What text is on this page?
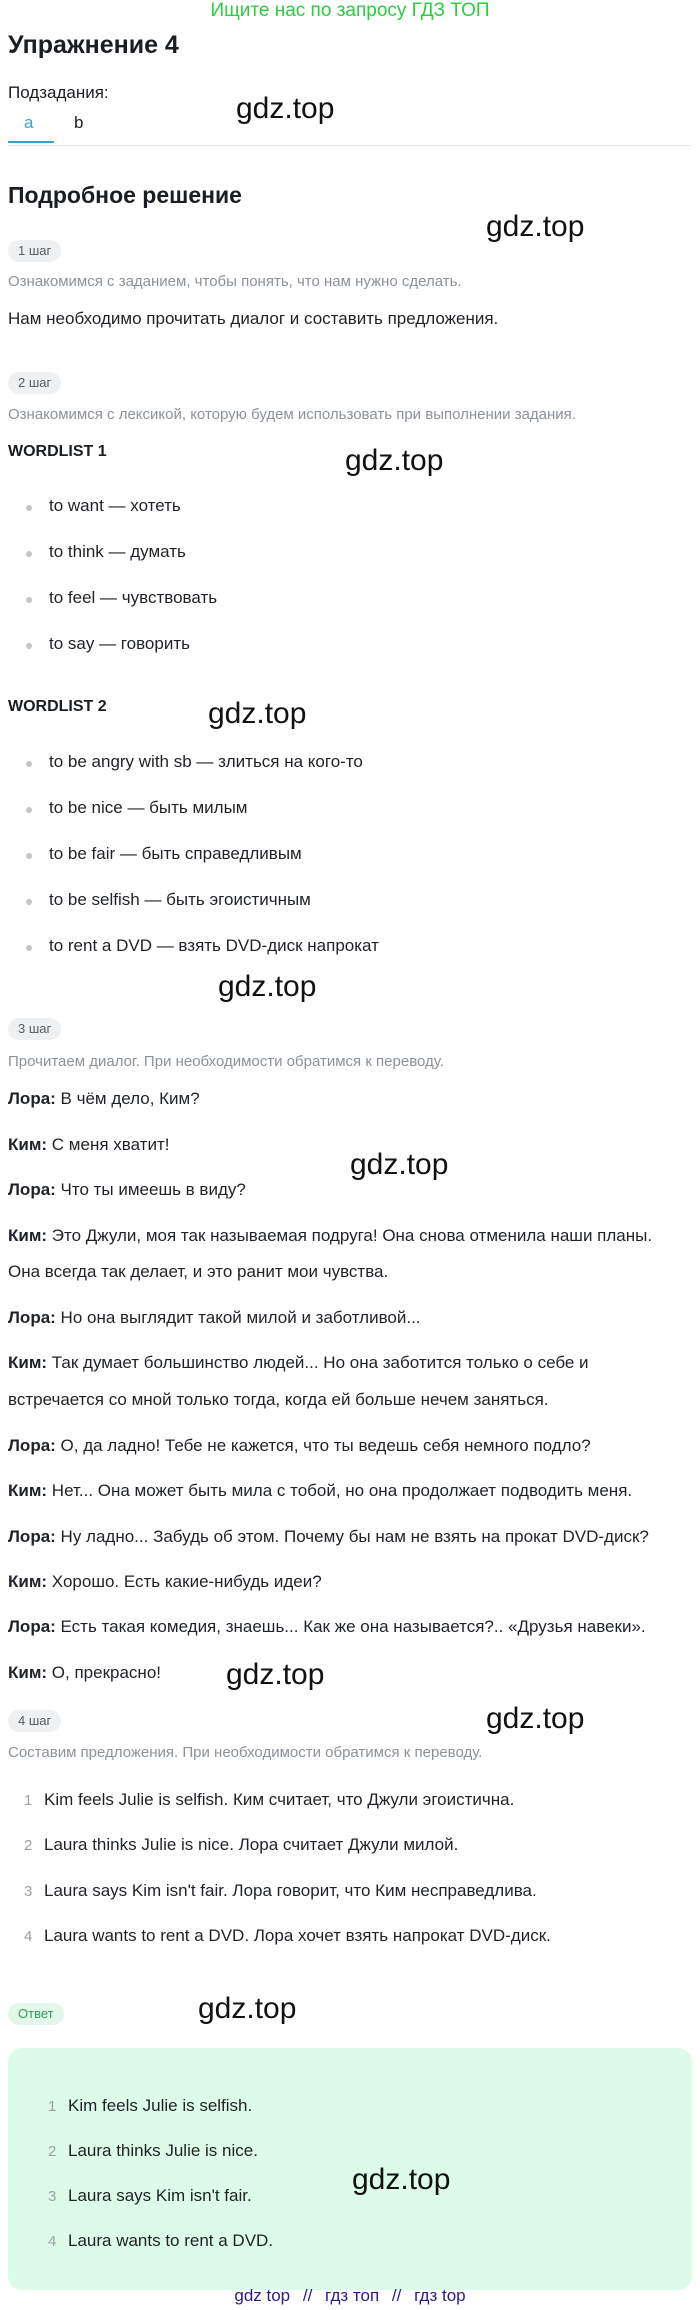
Ищите нас по запросу ГДЗ ТОП
Упражнение 4
Подзадания:
a b	gdz.top
Подробное решение
gdz.top
1 шаг
Ознакомимся с заданием, чтобы понять, что нам нужно сделать.
Нам необходимо прочитать диалог и составить предложения.
2 шаг
Ознакомимся с лексикой, которую будем использовать при выполнении задания.
WORDLIST 1	gdz.top
to want — хотеть
to think — думать
to feel — чувствовать
to say — говорить
WORDLIST 2	gdz.top
to be angry with sb — злиться на кого-то
to be nice — быть милым
to be fair — быть справедливым
to be selfish — быть эгоистичным
to rent a DVD — взять DVD-диск напрокат
gdz.top
3 шаг
Прочитаем диалог. При необходимости обратимся к переводу.
Лора: В чём дело, Ким?
Ким: С меня хватит!
gdz.top
Лора: Что ты имеешь в виду?
Ким: Это Джули, моя так называемая подруга! Она снова отменила наши планы.
Она всегда так делает, и это ранит мои чувства.
Лора: Но она выглядит такой милой и заботливой...
Ким: Так думает большинство людей... Но она заботится только о себе и
встречается со мной только тогда, когда ей больше нечем заняться.
Лора: О, да ладно! Тебе не кажется, что ты ведешь себя немного подло?
Ким: Нет... Она может быть мила с тобой, но она продолжает подводить меня.
Лора: Ну ладно... Забудь об этом. Почему бы нам не взять на прокат DVD-диск?
Ким: Хорошо. Есть какие-нибудь идеи?
Лора: Есть такая комедия, знаешь... Как же она называется?.. «Друзья навеки».
Ким: О, прекрасно! gdz.top
4 шаг	gdz.top
Составим предложения. При необходимости обратимся к переводу.
1 Kim feels Julie is selfish. Ким считает, что Джули эгоистична.
2 Laura thinks Julie is nice. Лора считает Джули милой.
3 Laura says Kim isn't fair. Лора говорит, что Ким несправедлива.
4 Laura wants to rent a DVD. Лора хочет взять напрокат DVD-диск.
Ответ	gdz.top
1 Kim feels Julie is selfish.
2 Laura thinks Julie is nice.
3 Laura says Kim isn't fair.	gdz.top
4 Laura wants to rent a DVD.
gdz top // гдз топ // гдз top
